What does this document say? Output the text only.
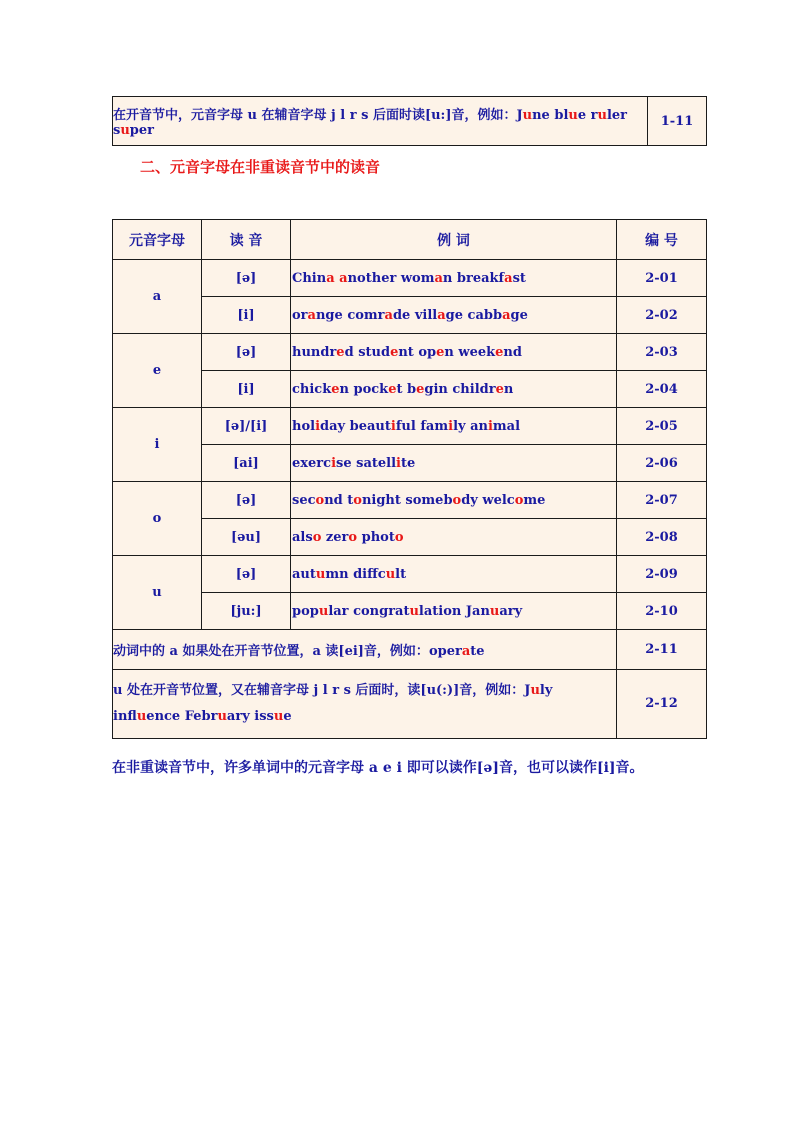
在开音节中，元音字母 u 在辅音字母 j l r s 后面时读[u:]音，例如：June blue ruler super	1-11
二、元音字母在非重读音节中的读音
元音字母	读 音	例 词	编 号
a	[ə]	China another woman breakfast	2-01
	[i]	orange comrade village cabbage	2-02
e	[ə]	hundred student open weekend	2-03
	[i]	chicken pocket begin children	2-04
i	[ə]/[i]	holiday beautiful family animal	2-05
	[ai]	exercise satellite	2-06
o	[ə]	second tonight somebody welcome	2-07
	[əu]	also zero photo	2-08
u	[ə]	autumn diffcult	2-09
	[ju:]	popular congratulation January	2-10
动词中的 a 如果处在开音节位置，a 读[ei]音，例如：operate			2-11
u 处在开音节位置，又在辅音字母 j l r s 后面时，读[u(:)]音，例如：July influence February issue			2-12
在非重读音节中，许多单词中的元音字母 a e i 即可以读作[ə]音，也可以读作[i]音。
